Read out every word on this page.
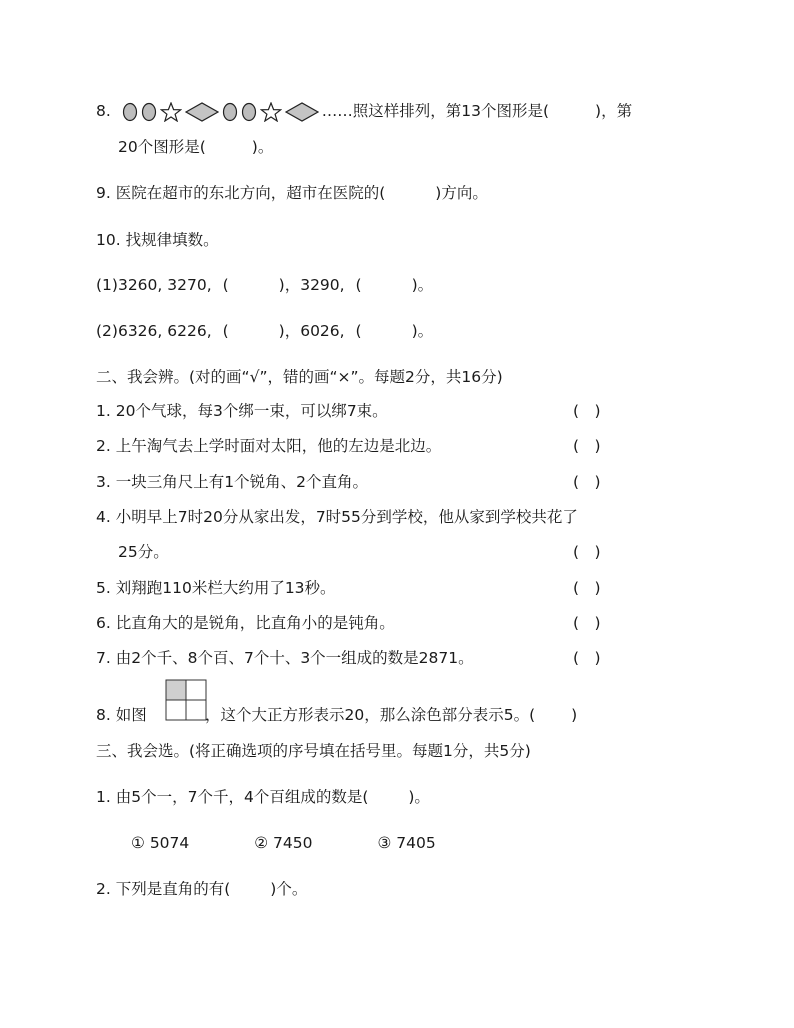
8.	……照这样排列，第13个图形是(	)，第
20个图形是(	)。
9. 医院在超市的东北方向，超市在医院的(	)方向。
10. 找规律填数。
(1)3260, 3270, (	)，3290, (	)。
(2)6326, 6226, (	)，6026, (	)。
二、我会辨。(对的画“√”，错的画“×”。每题2分，共16分)
1. 20个气球，每3个绑一束，可以绑7束。	(　)
2. 上午淘气去上学时面对太阳，他的左边是北边。	(　)
3. 一块三角尺上有1个锐角、2个直角。	(　)
4. 小明早上7时20分从家出发，7时55分到学校，他从家到学校共花了
25分。	(　)
5. 刘翔跑110米栏大约用了13秒。	(　)
6. 比直角大的是锐角，比直角小的是钝角。	(　)
7. 由2个千、8个百、7个十、3个一组成的数是2871。	(　)
8. 如图	，这个大正方形表示20，那么涂色部分表示5。( )
三、我会选。(将正确选项的序号填在括号里。每题1分，共5分)
1. 由5个一，7个千，4个百组成的数是(	)。
① 5074	② 7450	③ 7405
2. 下列是直角的有(	)个。
